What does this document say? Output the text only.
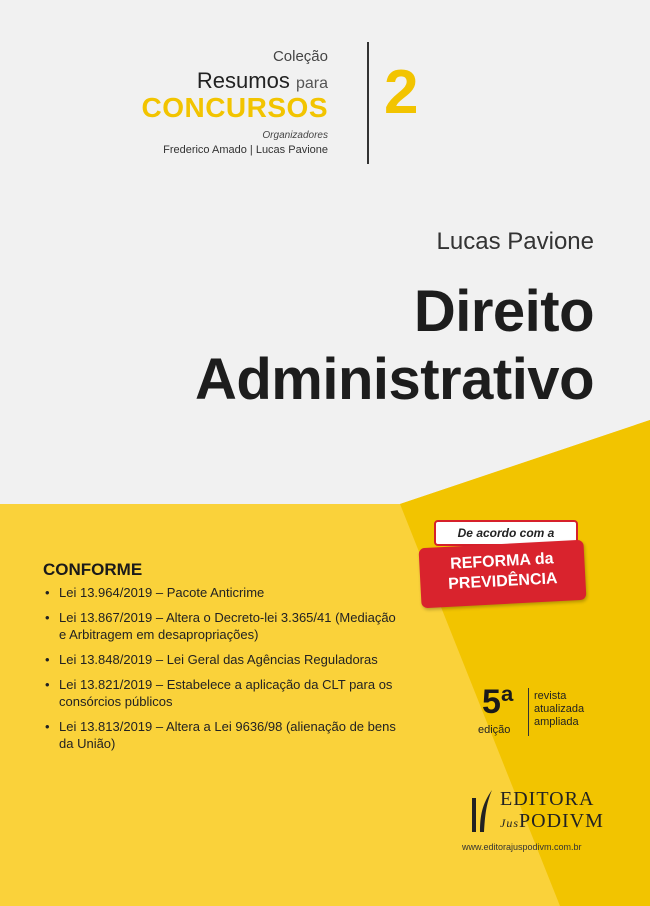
Coleção
Resumos para
CONCURSOS
Organizadores
Frederico Amado | Lucas Pavione
2
Lucas Pavione
Direito
Administrativo
CONFORME
• Lei 13.964/2019 – Pacote Anticrime
• Lei 13.867/2019 – Altera o Decreto-lei 3.365/41 (Mediação e Arbitragem em desapropriações)
• Lei 13.848/2019 – Lei Geral das Agências Reguladoras
• Lei 13.821/2019 – Estabelece a aplicação da CLT para os consórcios públicos
• Lei 13.813/2019 – Altera a Lei 9636/98 (alienação de bens da União)
De acordo com a
REFORMA da
PREVIDÊNCIA
5ª
edição
revista
atualizada
ampliada
EDITORA
JusPODIVM
www.editorajuspodivm.com.br
